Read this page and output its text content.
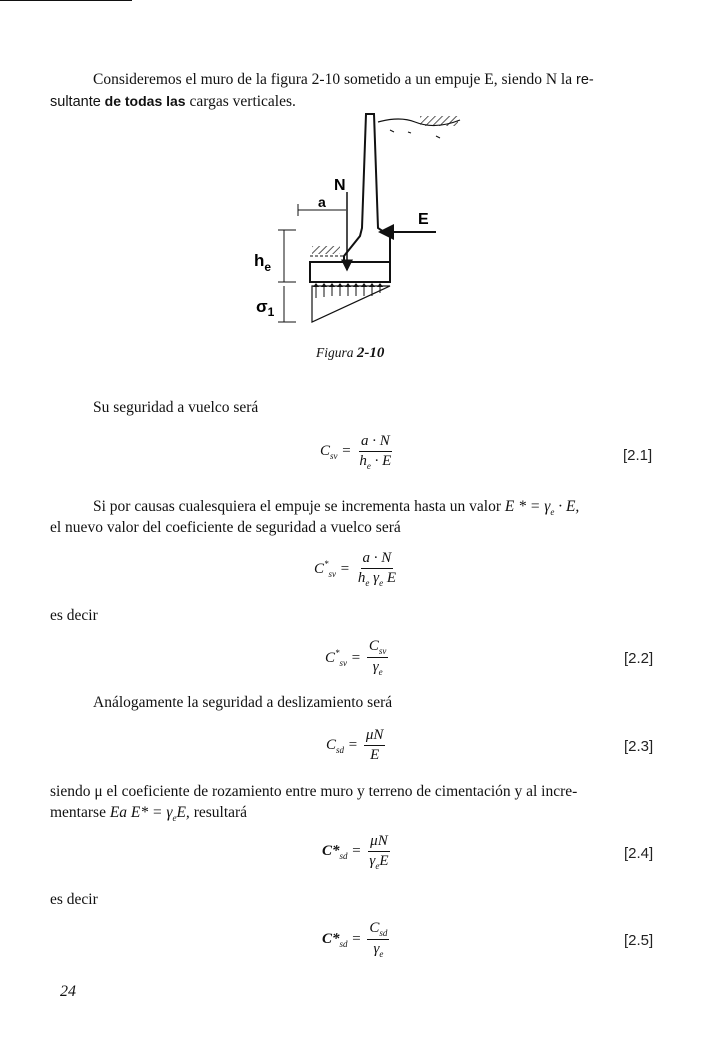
Consideremos el muro de la figura 2-10 sometido a un empuje E, siendo N la re-
sultante de todas las cargas verticales.
N
a
E
$h_e$
$\sigma_1$
Figura 2-10
Su seguridad a vuelco será
$C_{sv} = \frac{a \cdot N}{h_e \cdot E}$	[2.1]
Si por causas cualesquiera el empuje se incrementa hasta un valor E * = $\gamma_e \cdot E$,
el nuevo valor del coeficiente de seguridad a vuelco será
$C^*_{sv} = \frac{a \cdot N}{h_e \gamma_e E}$
es decir
$C^*_{sv} = \frac{C_{sv}}{\gamma_e}$	[2.2]
Análogamente la seguridad a deslizamiento será
$C_{sd} = \frac{\mu N}{E}$	[2.3]
siendo μ el coeficiente de rozamiento entre muro y terreno de cimentación y al incre-
mentarse Ea $E* = \gamma_eE$, resultará
$C*_{sd} = \frac{\mu N}{\gamma_eE}$	[2.4]
es decir
$C*_{sd} = \frac{C_{sd}}{\gamma_e}$	[2.5]
24
